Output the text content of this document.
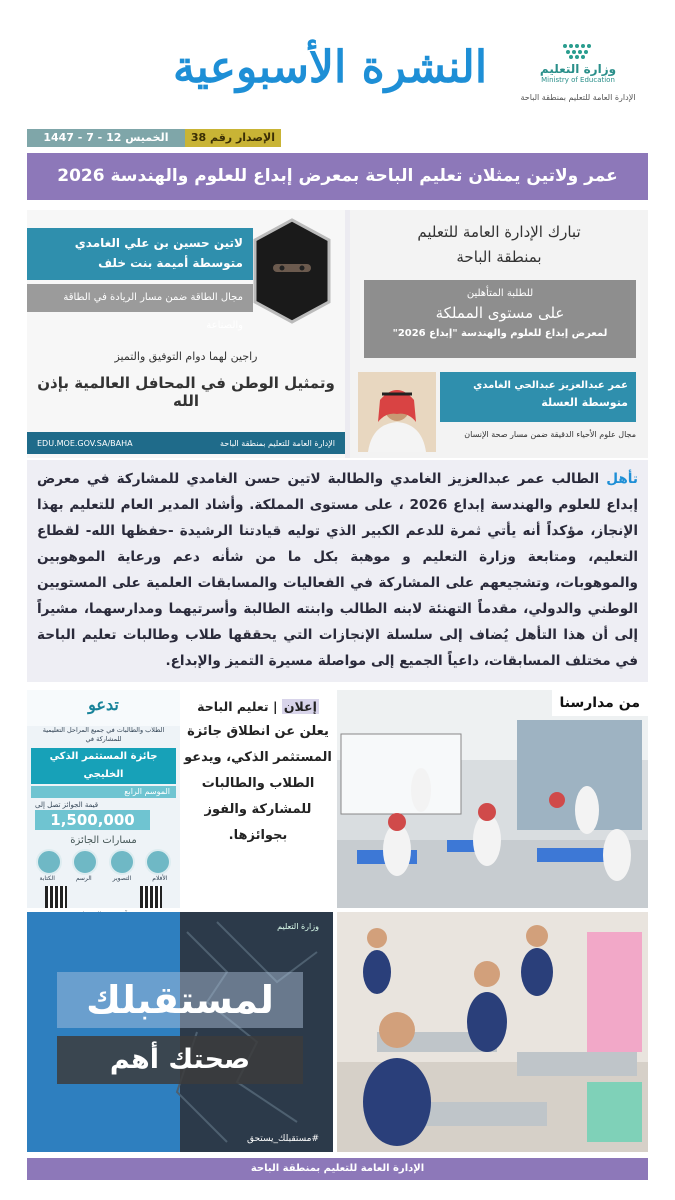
وزارة التعليم
Ministry of Education
الإدارة العامة للتعليم بمنطقة الباحة
النشرة الأسبوعية
الإصدار رقم 38
الخميس 12 - 7 - 1447
عمر ولاتين يمثلان تعليم الباحة بمعرض إبداع للعلوم والهندسة 2026
تبارك الإدارة العامة للتعليم
بمنطقة الباحة
للطلبة المتأهلين
على مستوى المملكة
لمعرض إبداع للعلوم والهندسة "إبداع 2026"
عمر عبدالعزيز عبدالحي الغامدي
متوسطة العسلة
مجال علوم الأحياء الدقيقة ضمن مسار صحة الإنسان
لاتين حسين بن علي الغامدي
متوسطة أميمة بنت خلف
مجال الطاقة ضمن مسار الريادة في الطاقة والصناعة
راجين لهما دوام التوفيق والتميز
وتمثيل الوطن في المحافل العالمية بإذن الله
الإدارة العامة للتعليم بمنطقة الباحة
EDU.MOE.GOV.SA/BAHA
تأهل الطالب عمر عبدالعزيز الغامدي والطالبة لاتين حسن الغامدي للمشاركة في معرض إبداع للعلوم والهندسة إبداع 2026 ، على مستوى المملكة. وأشاد المدير العام للتعليم بهذا الإنجاز، مؤكداً أنه يأتي ثمرة للدعم الكبير الذي توليه قيادتنا الرشيدة -حفظها الله- لقطاع التعليم، ومتابعة وزارة التعليم و موهبة بكل ما من شأنه دعم ورعاية الموهوبين والموهوبات، وتشجيعهم على المشاركة في الفعاليات والمسابقات العلمية على المستويين الوطني والدولي، مقدماً التهنئة لابنه الطالب وابنته الطالبة وأسرتيهما ومدارسهما، مشيراً إلى أن هذا التأهل يُضاف إلى سلسلة الإنجازات التي يحققها طلاب وطالبات تعليم الباحة في مختلف المسابقات، داعياً الجميع إلى مواصلة مسيرة التميز والإبداع.
تدعو
الطلاب والطالبات في جميع المراحل التعليمية للمشاركة في
جائزة المستثمر الذكي الخليجي
الموسم الرابع
قيمة الجوائز تصل إلى
1,500,000
مسارات الجائزة
الأفلام
التصوير
الرسم
الكتابة
إعلان | تعليم الباحة
يعلن عن انطلاق جائزة المستثمر الذكي، ويدعو الطلاب والطالبات للمشاركة والفوز بجوائزها.
من مدارسنا
وزارة التعليم
لمستقبلك
صحتك أهم
#مستقبلك_يستحق
الإدارة العامة للتعليم بمنطقة الباحة
